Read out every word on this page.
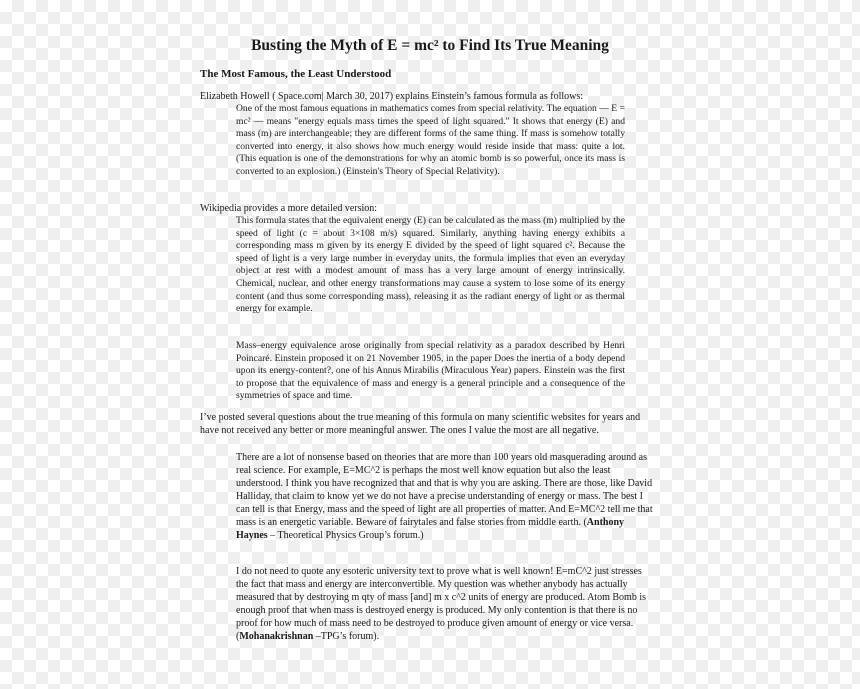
Busting the Myth of E = mc² to Find Its True Meaning
The Most Famous, the Least Understood

Elizabeth Howell ( Space.com| March 30, 2017) explains Einstein’s famous formula as follows:

One of the most famous equations in mathematics comes from special relativity. The equation — E = mc² — means "energy equals mass times the speed of light squared." It shows that energy (E) and mass (m) are interchangeable; they are different forms of the same thing. If mass is somehow totally converted into energy, it also shows how much energy would reside inside that mass: quite a lot. (This equation is one of the demonstrations for why an atomic bomb is so powerful, once its mass is converted to an explosion.) (Einstein's Theory of Special Relativity).

Wikipedia provides a more detailed version:

This formula states that the equivalent energy (E) can be calculated as the mass (m) multiplied by the speed of light (c = about 3×108 m/s) squared. Similarly, anything having energy exhibits a corresponding mass m given by its energy E divided by the speed of light squared c². Because the speed of light is a very large number in everyday units, the formula implies that even an everyday object at rest with a modest amount of mass has a very large amount of energy intrinsically. Chemical, nuclear, and other energy transformations may cause a system to lose some of its energy content (and thus some corresponding mass), releasing it as the radiant energy of light or as thermal energy for example.

Mass–energy equivalence arose originally from special relativity as a paradox described by Henri Poincaré. Einstein proposed it on 21 November 1905, in the paper Does the inertia of a body depend upon its energy-content?, one of his Annus Mirabilis (Miraculous Year) papers. Einstein was the first to propose that the equivalence of mass and energy is a general principle and a consequence of the symmetries of space and time.

I’ve posted several questions about the true meaning of this formula on many scientific websites for years and have not received any better or more meaningful answer. The ones I value the most are all negative.

There are a lot of nonsense based on theories that are more than 100 years old masquerading around as real science. For example, E=MC^2 is perhaps the most well know equation but also the least understood. I think you have recognized that and that is why you are asking. There are those, like David Halliday, that claim to know yet we do not have a precise understanding of energy or mass. The best I can tell is that Energy, mass and the speed of light are all properties of matter. And E=MC^2 tell me that mass is an energetic variable. Beware of fairytales and false stories from middle earth. (Anthony Haynes – Theoretical Physics Group’s forum.)

I do not need to quote any esoteric university text to prove what is well known! E=mC^2 just stresses the fact that mass and energy are interconvertible. My question was whether anybody has actually measured that by destroying m qty of mass [and] m x c^2 units of energy are produced. Atom Bomb is enough proof that when mass is destroyed energy is produced. My only contention is that there is no proof for how much of mass need to be destroyed to produce given amount of energy or vice versa. (Mohanakrishnan –TPG’s forum).
